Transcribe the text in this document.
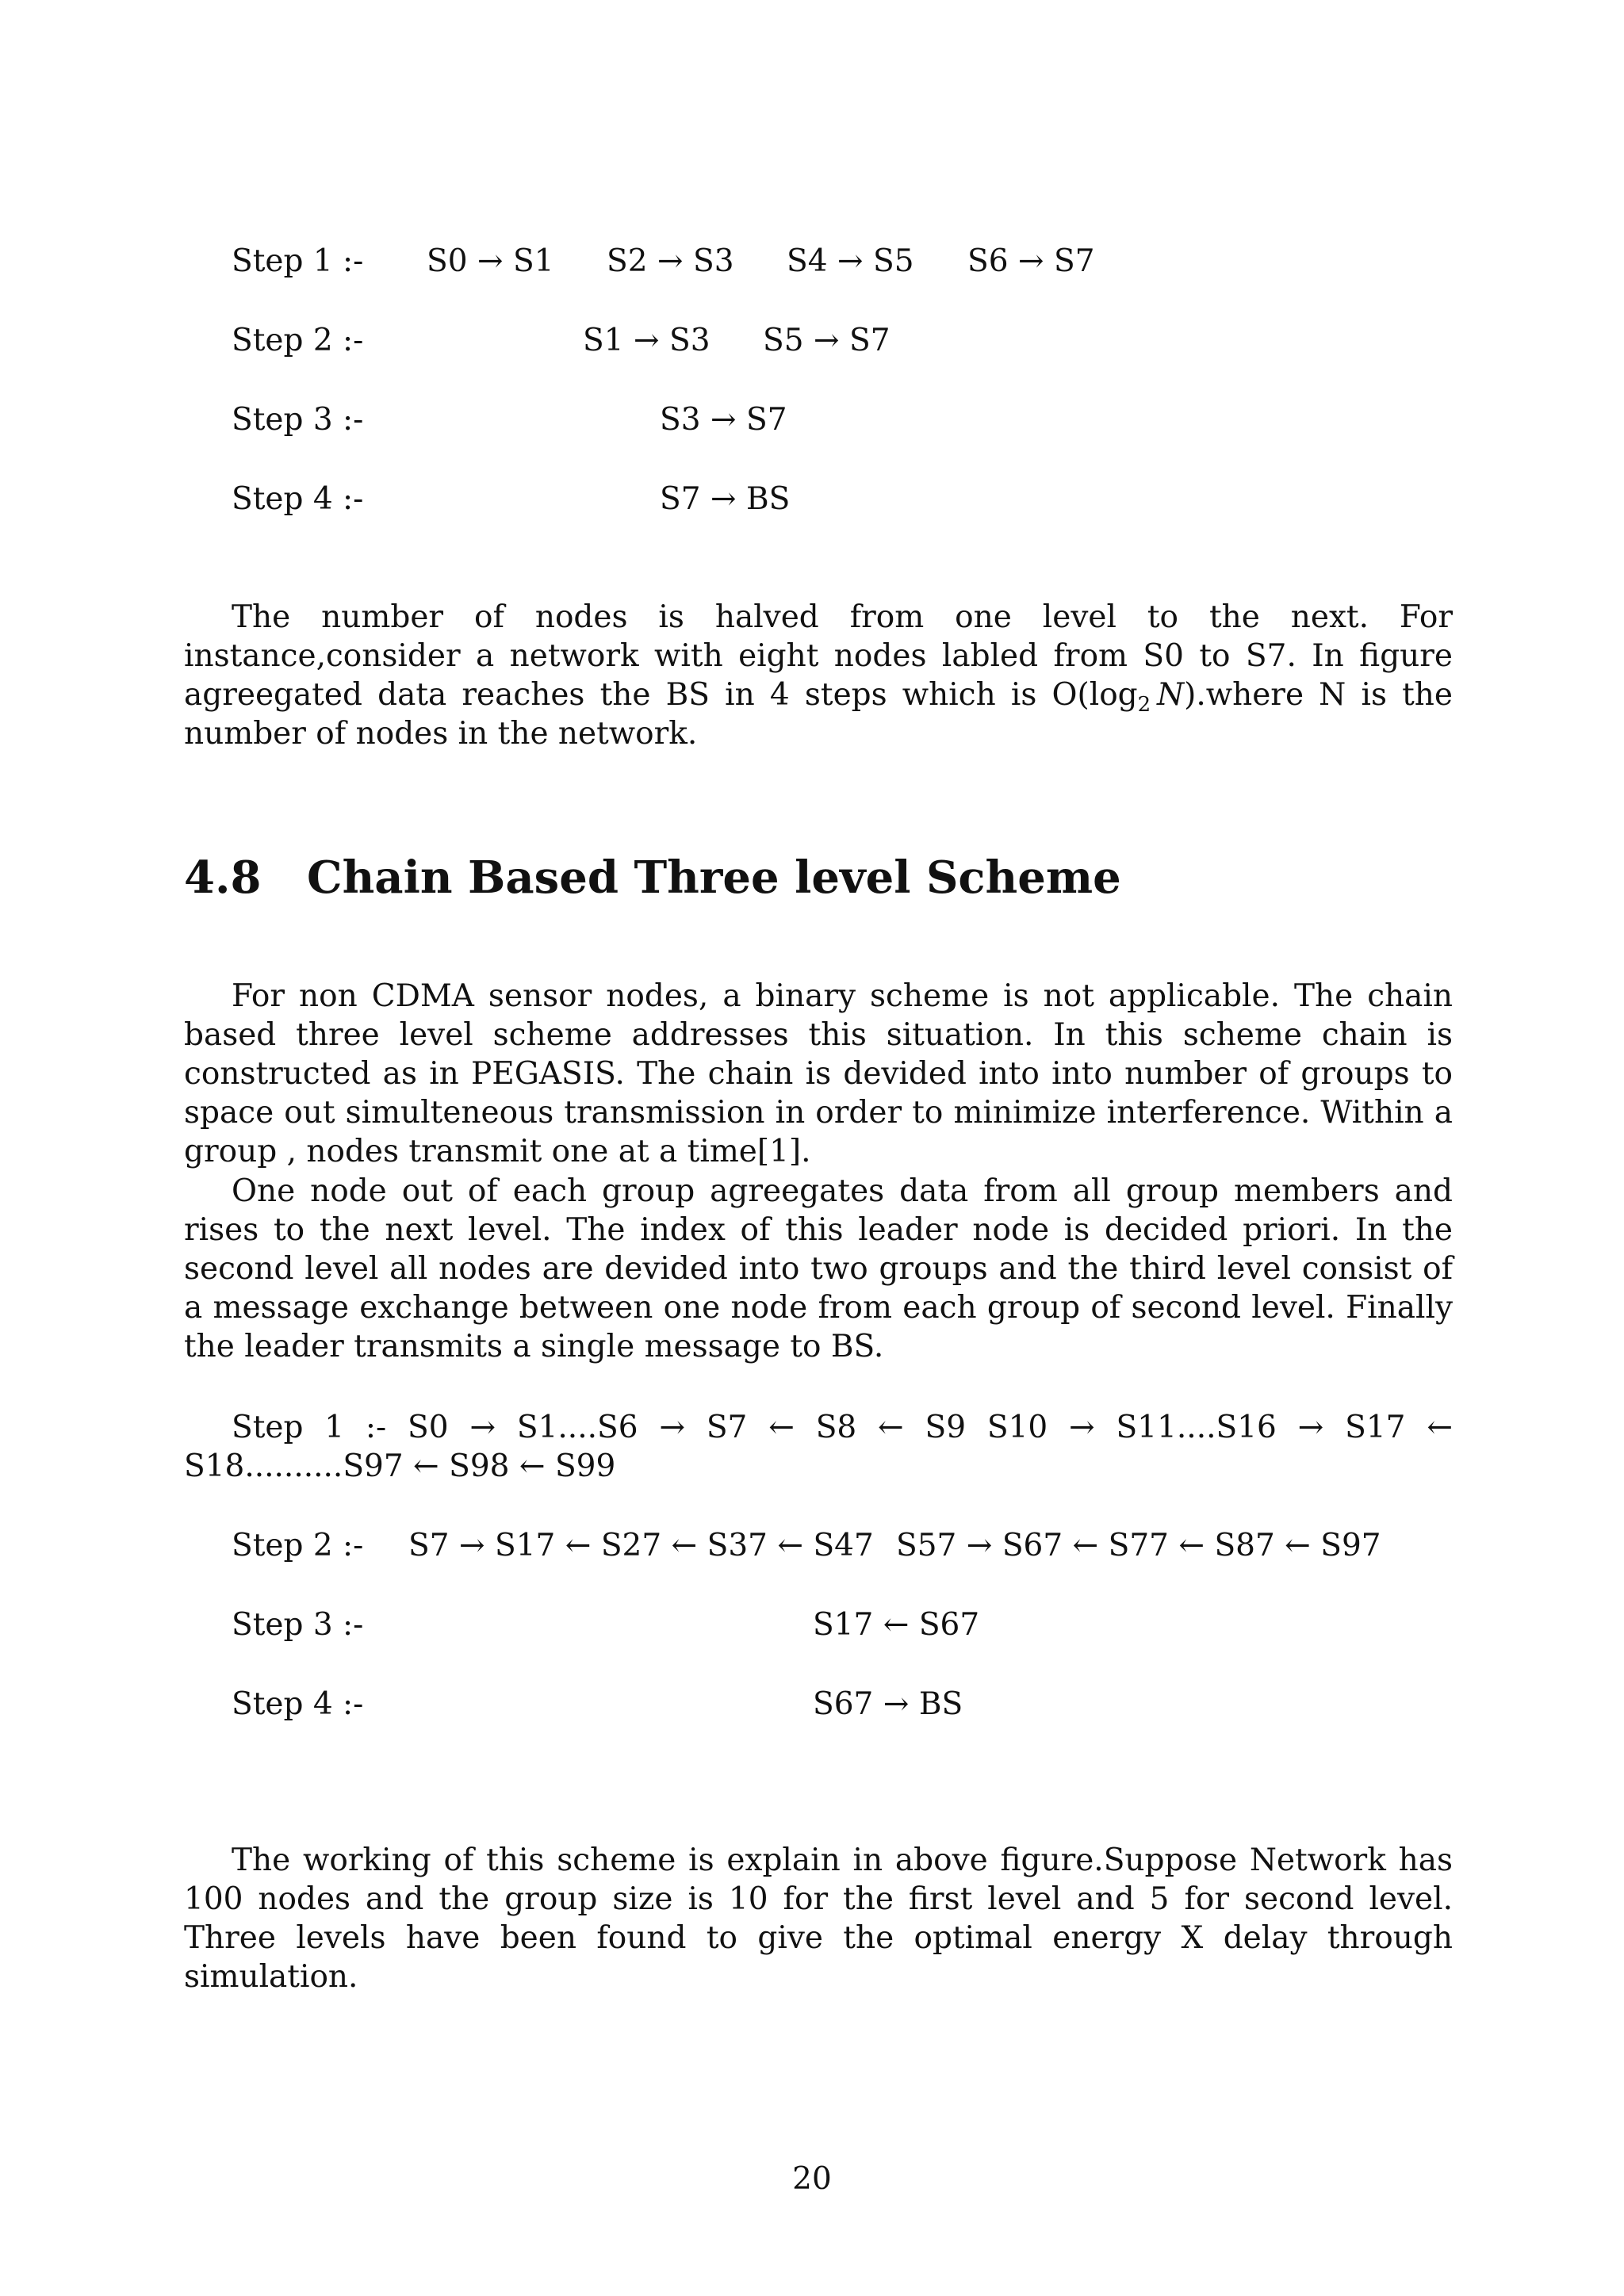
Step 1 :- S0 → S1 S2 → S3 S4 → S5 S6 → S7
Step 2 :-	S1 → S3 S5 → S7
Step 3 :-	S3 → S7
Step 4 :-	S7 → BS
The number of nodes is halved from one level to the next. For instance,consider a network with eight nodes labled from S0 to S7. In figure agreegated data reaches the BS in 4 steps which is $O(\log_2$  N).where N is the number of nodes in the network.
4.8 Chain Based Three level Scheme
For non CDMA sensor nodes, a binary scheme is not applicable. The chain based three level scheme addresses this situation. In this scheme chain is constructed as in PEGASIS. The chain is devided into into number of groups to space out simulteneous transmission in order to minimize interference. Within a group , nodes transmit one at a time[1].
One node out of each group agreegates data from all group members and rises to the next level. The index of this leader node is decided priori. In the second level all nodes are devided into two groups and the third level consist of a message exchange between one node from each group of second level. Finally the leader transmits a single message to BS.
Step 1 :- S0 → S1....S6 → S7 ← S8 ← S9 S10 → S11....S16 → S17 ← S18..........S97 ← S98 ← S99
Step 2 :- S7 → S17 ← S27 ← S37 ← S47 S57 → S67 ← S77 ← S87 ← S97
Step 3 :-	S17 ← S67
Step 4 :-	S67 → BS
The working of this scheme is explain in above figure.Suppose Network has 100 nodes and the group size is 10 for the first level and 5 for second level. Three levels have been found to give the optimal energy X delay through simulation.
20
